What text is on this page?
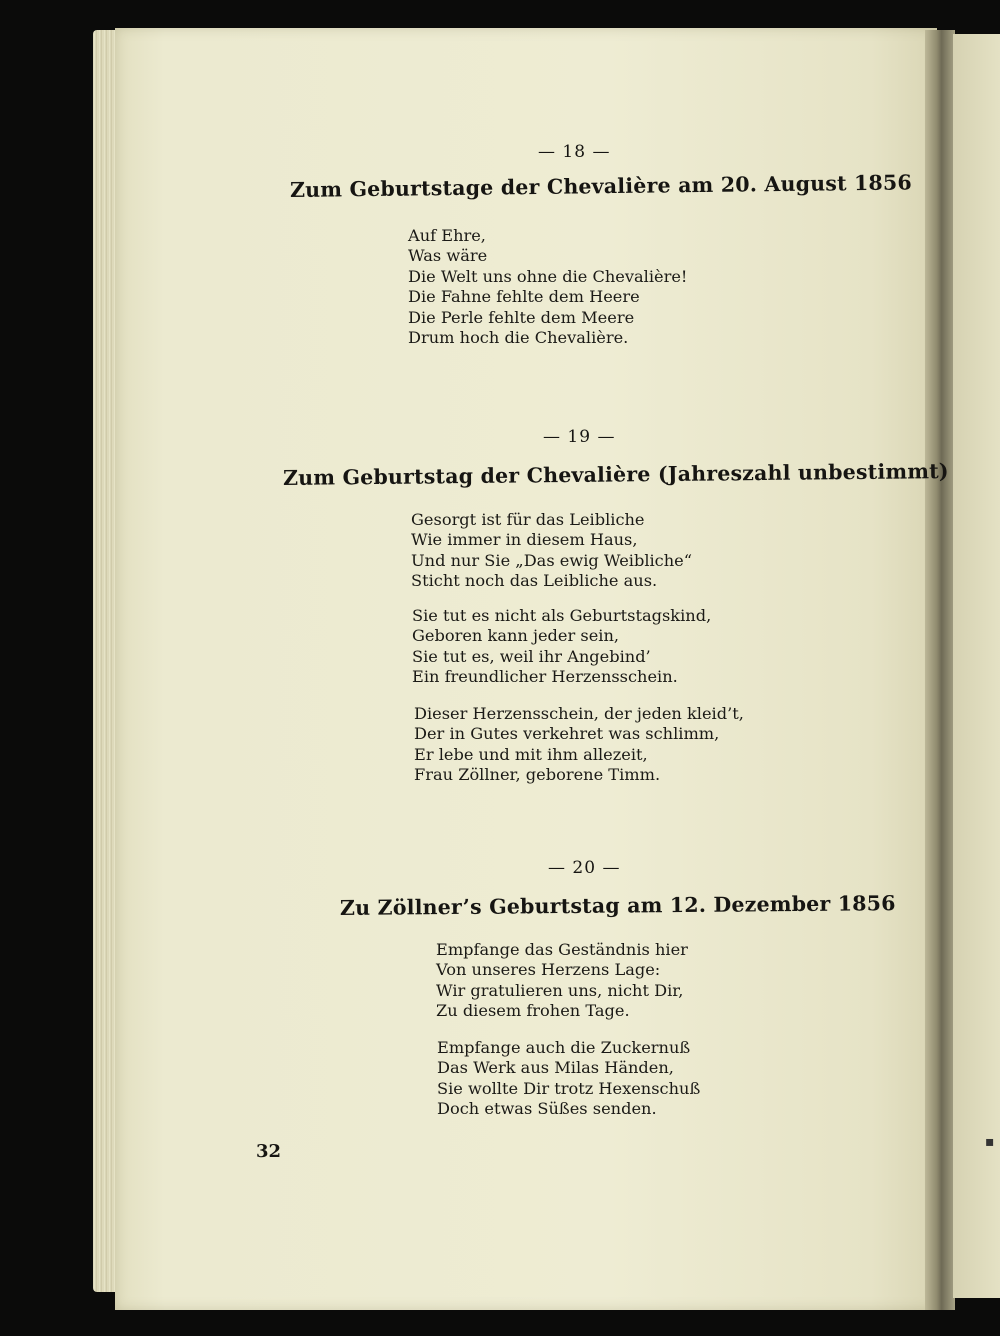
▪
— 18 —
Zum Geburtstage der Chevalière am 20. August 1856
Auf Ehre,
Was wäre
Die Welt uns ohne die Chevalière!
Die Fahne fehlte dem Heere
Die Perle fehlte dem Meere
Drum hoch die Chevalière.
— 19 —
Zum Geburtstag der Chevalière (Jahreszahl unbestimmt)
Gesorgt ist für das Leibliche
Wie immer in diesem Haus,
Und nur Sie „Das ewig Weibliche“
Sticht noch das Leibliche aus.
Sie tut es nicht als Geburtstagskind,
Geboren kann jeder sein,
Sie tut es, weil ihr Angebind’
Ein freundlicher Herzensschein.
Dieser Herzensschein, der jeden kleid’t,
Der in Gutes verkehret was schlimm,
Er lebe und mit ihm allezeit,
Frau Zöllner, geborene Timm.
— 20 —
Zu Zöllner’s Geburtstag am 12. Dezember 1856
Empfange das Geständnis hier
Von unseres Herzens Lage:
Wir gratulieren uns, nicht Dir,
Zu diesem frohen Tage.
Empfange auch die Zuckernuß
Das Werk aus Milas Händen,
Sie wollte Dir trotz Hexenschuß
Doch etwas Süßes senden.
32
